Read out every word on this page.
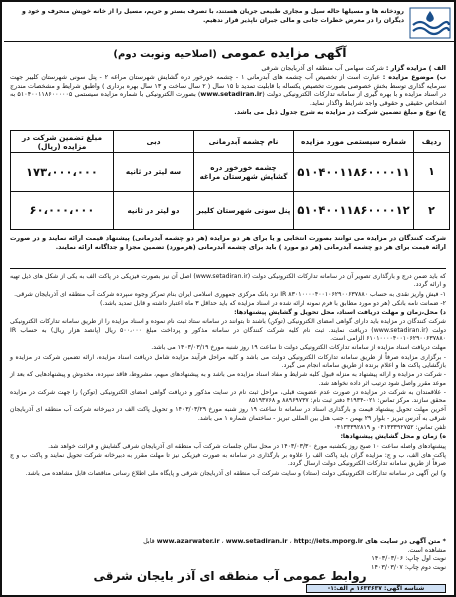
رودخانه ها و مسیلها حاله سیل و مجاری طبیعی جریان هستند، با تصرف بستر و حریم، مسیل را از خانه خویش منحرف و خود و دیگران را در معرض خطرات جانی و مالی جبران ناپذیر قرار ندهیم.
آگهی مزایده عمومی (اصلاحیه ونوبت دوم)
الف ) مزایده گزار : شرکت سهامی آب منطقه ای آذربایجان شرقی
ب) موضوع مزایده : عبارت است از تخصیص آب چشمه های آبدرمانی ۱ - چشمه خورخور دره گشایش شهرستان مراغه ۲ - پنل سونی شهرستان کلیبر جهت سرمایه گذاری توسط بخش خصوصی بصورت تخصیص یکساله با قابلیت تمدید تا ۱۵ سال ( ۲ سال ساخت و ۱۳ سال بهره برداری ) واطبق شرایط و مشخصات مندرج در اسناد مزایده و با بهره گیری از سامانه تدارکات الکترونیکی دولت (www.setadiran.ir) بصورت الکترونیکی با شماره مزایده سیستمی ۵۱۰۴۰۰۱۱۸۶۰۰۰۰۰۵ به اشخاص حقیقی و حقوقی واجد شرایط واگذار نماید.
ج) نوع و مبلغ تضمین شرکت در مزایده به شرح جدول ذیل می باشد.
ردیف	شماره سیستمی مورد مزایده	نام چشمه آبدرمانی	دبی	مبلغ تضمین شرکت در مزایده (ریال)
۱	۵۱۰۴۰۰۱۱۸۶۰۰۰۰۱۱	چشمه خورخور دره گشایش شهرستان مراغه	سه لیتر در ثانیه	۱۷۳،۰۰۰،۰۰۰
۲	۵۱۰۴۰۰۱۱۸۶۰۰۰۰۱۲	پنل سونی شهرستان کلیبر	دو لیتر در ثانیه	۶۰،۰۰۰،۰۰۰
شرکت کنندگان در مزایده می توانند بصورت انتخابی و یا برای هر دو مزایده (هر دو چشمه آبدرمانی) پیشنهاد قیمت ارائه نمایند و در صورت ارائه قیمت برای هر دو چشمه آبدرمانی (هر دو مورد ) باید برای چشمه آبدرمانی (هرمورد) تضمین مجزا و جداگانه ارائه نمایند.

که باید ضمن درج و بارگذاری تصویر آن در سامانه تدارکات الکترونیکی دولت (www.setadiran.ir) اصل آن نیز بصورت فیزیکی در پاکت الف به یکی از شکل های ذیل تهیه و ارائه گردد.

۱- فیش واریز نقدی به حساب IR ۸۳۰۱۰۰۰۰۴۰۰۱۰۶۲۹۰۰۶۳۷۸۸۰ نزد بانک مرکزی جمهوری اسلامی ایران بنام تمرکز وجوه سپرده شرکت آب منطقه ای آذربایجان شرقی.

۲- ضمانت نامه بانکی (هر دو مورد مطابق با فرم نمونه ارائه شده در اسناد مزایده که باید حداقل ۳ ماه اعتبار داشته و قابل تمدید باشد.)

د) محل،زمان و مهلت دریافت اسناد، محل تحویل و گشایش پیشنهادها:

شرکت کنندگان در مزایده باید دارای گواهی امضای الکترونیکی (توکن) باشند تا بتوانند در سامانه ستاد ثبت نام نموده و اسناد مزایده را از طریق سامانه تدارکات الکترونیکی دولت (www.setadiran.ir) دریافت نمایند. ثبت نام کلیه شرکت کنندگان در سامانه مذکور و پرداخت مبلغ ۵۰۰،۰۰۰ ریال (پانصد هزار ریال) به حساب IR ۶۱۰۱۰۰۰۰۴۰۰۱۰۶۲۹۰۰۶۳۷۸۸۰ الزامی است.

مهلت دریافت اسناد مزایده از سامانه تدارکات الکترونیکی دولت تا ساعت ۱۹ روز شنبه مورخ ۱۴۰۳/۰۳/۱۹ می باشد.

- برگزاری مزایده صرفاً از طریق سامانه تدارکات الکترونیکی دولت می باشد و کلیه مراحل فرآیند مزایده شامل دریافت اسناد مزایده، ارائه تضمین شرکت در مزایده و بازگشایی پاکت ها و اعلام برنده از طریق سامانه انجام می گیرد.

- شرکت در مزایده و ارائه پیشنهاد به منزله قبول کلیه شرایط و مفاد اسناد مزایده می باشد و به پیشنهادهای مبهم، مشروط، فاقد سپرده، مخدوش و پیشنهادهایی که بعد از موعد مقرر واصل شود ترتیب اثر داده نخواهد شد.

- علاقمندان به شرکت در مزایده در صورت عدم عضویت قبلی، مراحل ثبت نام در سایت مذکور و دریافت گواهی امضای الکترونیکی (توکن) را جهت شرکت در مزایده محقق سازند. مرکز تماس: ۰۲۱-۴۱۹۳۴ دفتر ثبت نام: ۸۸۹۶۹۷۳۷ و ۸۵۱۹۳۷۶۸

آخرین مهلت تحویل پیشنهاد قیمت و بارگذاری اسناد در سامانه تا ساعت ۱۹ روز شنبه مورخ ۱۴۰۳/۰۳/۲۹ و تحویل پاکت الف در دبیرخانه شرکت آب منطقه ای آذربایجان شرقی به آدرس تبریز - بلوار ۲۹ بهمن - جنب هتل بین المللی تبریز - ساختمان شماره ۱ می باشد.

تلفن تماس: ۰۴۱۳۳۳۹۲۷۵۲ و ۰۴۱۳۳۳۹۲۸۱۹

ه) زمان و محل گشایش پیشنهادها:

پیشنهادهای واصله ساعت ۱۰ صبح روز یکشنبه مورخ ۱۴۰۳/۰۳/۳۰ در محل سالن جلسات شرکت آب منطقه ای آذربایجان شرقی گشایش و قرائت خواهد شد.

پاکت های الف، ب و ج: مزایده گران باید پاکت الف را علاوه بر بارگذاری در سامانه به صورت فیزیکی نیز تا مهلت مقرر به دبیرخانه شرکت تحویل نمایند و پاکت ب و ج صرفاً از طریق سامانه تدارکات الکترونیکی دولت ارسال گردد.

و) این آگهی در سامانه تدارکات الکترونیکی دولت (ستاد) و سایت شرکت آب منطقه ای آذربایجان شرقی و پایگاه ملی اطلاع رسانی مناقصات قابل مشاهده می باشد.

* متن آگهی در سایت های www.azarwater.ir ، www.setadiran.ir ، http://iets.mporg.ir قابل مشاهده است.
نوبت اول چاپ: ۱۴۰۳/۰۳/۰۶
نوبت دوم چاپ: ۱۴۰۳/۰۳/۰۷
روابط عمومی آب منطقه ای آذر بایجان شرقی
شناسه آگهی: ۱۶۳۳۶۳۷ م الف:۱-
